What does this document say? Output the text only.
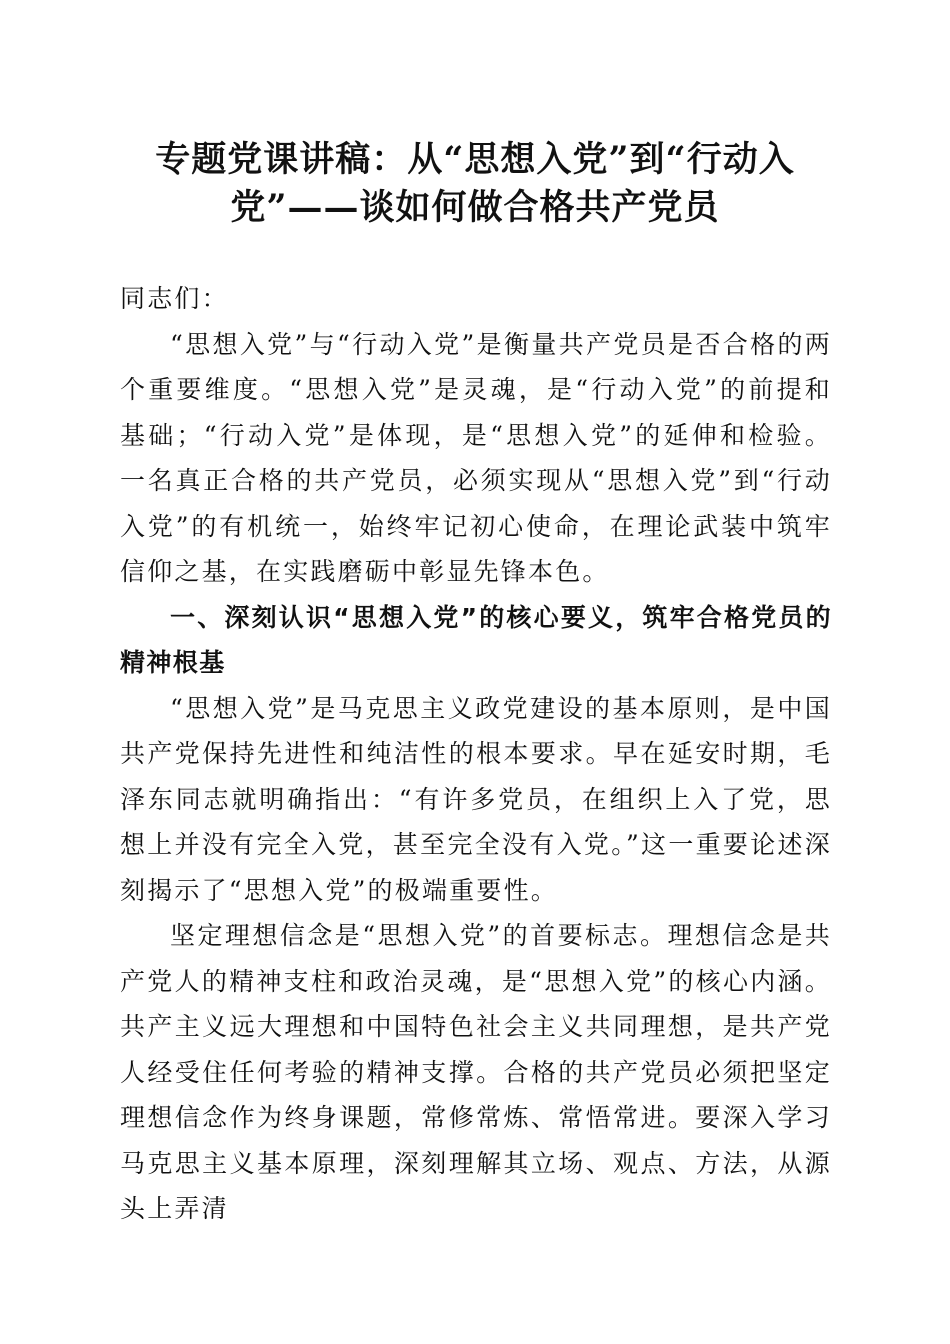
专题党课讲稿：从“思想入党”到“行动入
党”——谈如何做合格共产党员

同志们：

“思想入党”与“行动入党”是衡量共产党员是否合格的两个重要维度。“思想入党”是灵魂，是“行动入党”的前提和基础；“行动入党”是体现，是“思想入党”的延伸和检验。一名真正合格的共产党员，必须实现从“思想入党”到“行动入党”的有机统一，始终牢记初心使命，在理论武装中筑牢信仰之基，在实践磨砺中彰显先锋本色。

一、深刻认识“思想入党”的核心要义，筑牢合格党员的精神根基

“思想入党”是马克思主义政党建设的基本原则，是中国共产党保持先进性和纯洁性的根本要求。早在延安时期，毛泽东同志就明确指出：“有许多党员，在组织上入了党，思想上并没有完全入党，甚至完全没有入党。”这一重要论述深刻揭示了“思想入党”的极端重要性。

坚定理想信念是“思想入党”的首要标志。理想信念是共产党人的精神支柱和政治灵魂，是“思想入党”的核心内涵。共产主义远大理想和中国特色社会主义共同理想，是共产党人经受住任何考验的精神支撑。合格的共产党员必须把坚定理想信念作为终身课题，常修常炼、常悟常进。要深入学习马克思主义基本原理，深刻理解其立场、观点、方法，从源头上弄清
